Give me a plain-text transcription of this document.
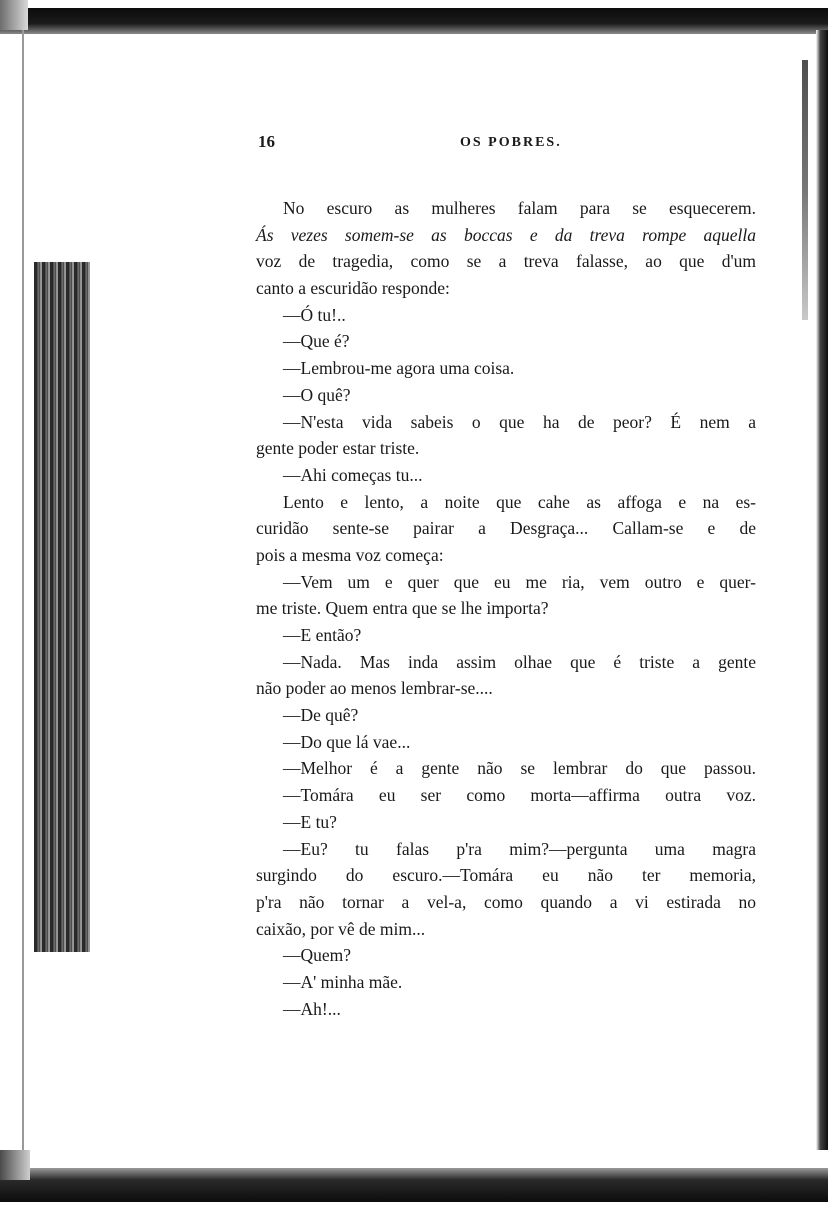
16	OS POBRES.
No escuro as mulheres falam para se esquecerem.
Ás vezes somem-se as boccas e da treva rompe aquella
voz de tragedia, como se a treva falasse, ao que d'um
canto a escuridão responde:
—Ó tu!..
—Que é?
—Lembrou-me agora uma coisa.
—O quê?
—N'esta vida sabeis o que ha de peor? É nem a
gente poder estar triste.
—Ahi começas tu...
Lento e lento, a noite que cahe as affoga e na es-
curidão sente-se pairar a Desgraça... Callam-se e de
pois a mesma voz começa:
—Vem um e quer que eu me ria, vem outro e quer-
me triste. Quem entra que se lhe importa?
—E então?
—Nada. Mas inda assim olhae que é triste a gente
não poder ao menos lembrar-se....
—De quê?
—Do que lá vae...
—Melhor é a gente não se lembrar do que passou.
—Tomára eu ser como morta—affirma outra voz.
—E tu?
—Eu? tu falas p'ra mim?—pergunta uma magra
surgindo do escuro.—Tomára eu não ter memoria,
p'ra não tornar a vel-a, como quando a vi estirada no
caixão, por vê de mim...
—Quem?
—A' minha mãe.
—Ah!...
